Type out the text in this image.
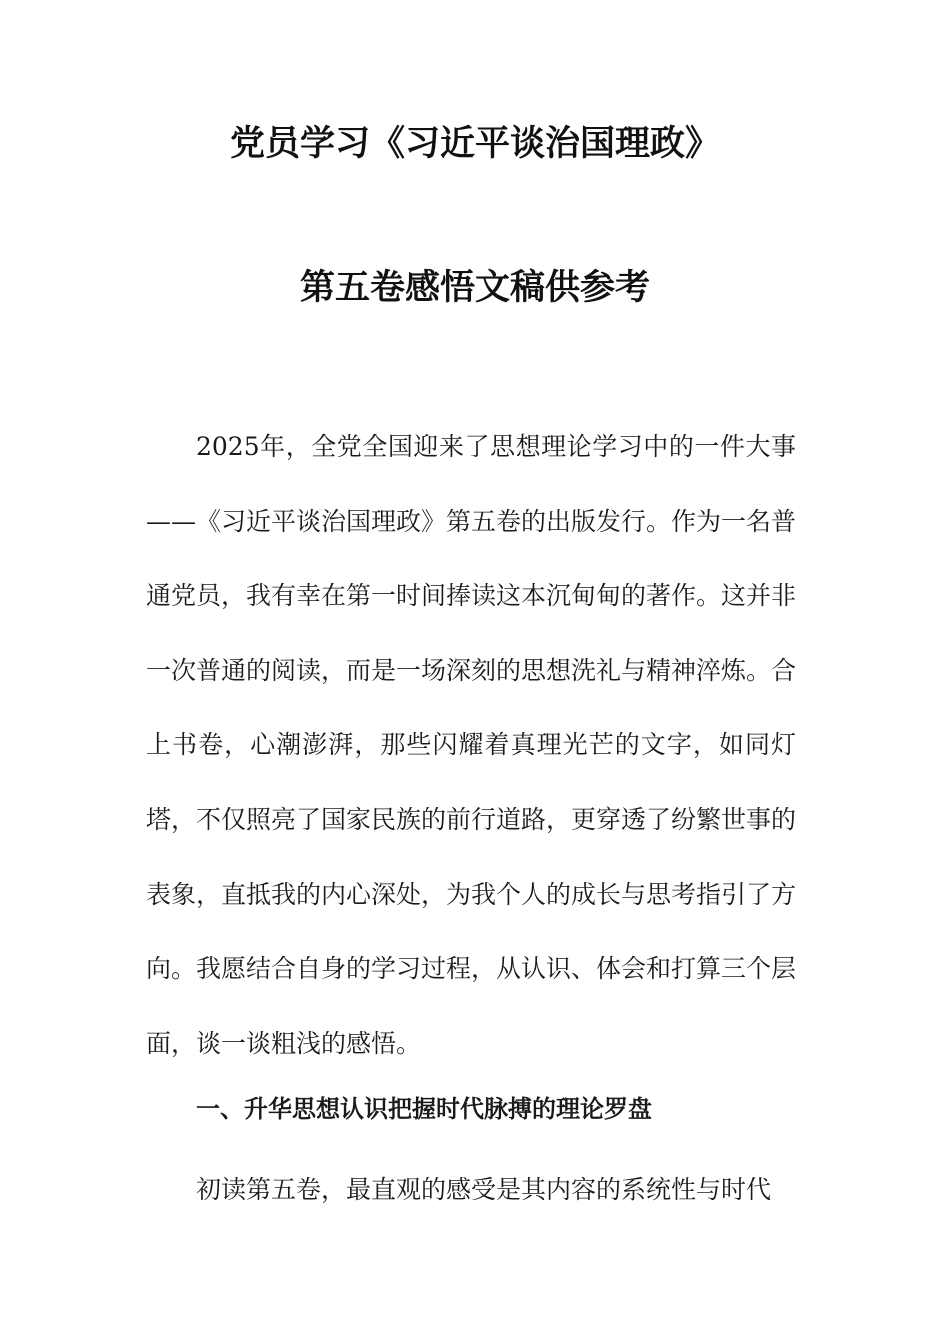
党员学习《习近平谈治国理政》
第五卷感悟文稿供参考

2025年，全党全国迎来了思想理论学习中的一件大事——《习近平谈治国理政》第五卷的出版发行。作为一名普通党员，我有幸在第一时间捧读这本沉甸甸的著作。这并非一次普通的阅读，而是一场深刻的思想洗礼与精神淬炼。合上书卷，心潮澎湃，那些闪耀着真理光芒的文字，如同灯塔，不仅照亮了国家民族的前行道路，更穿透了纷繁世事的表象，直抵我的内心深处，为我个人的成长与思考指引了方向。我愿结合自身的学习过程，从认识、体会和打算三个层面，谈一谈粗浅的感悟。

一、升华思想认识把握时代脉搏的理论罗盘

初读第五卷，最直观的感受是其内容的系统性与时代
